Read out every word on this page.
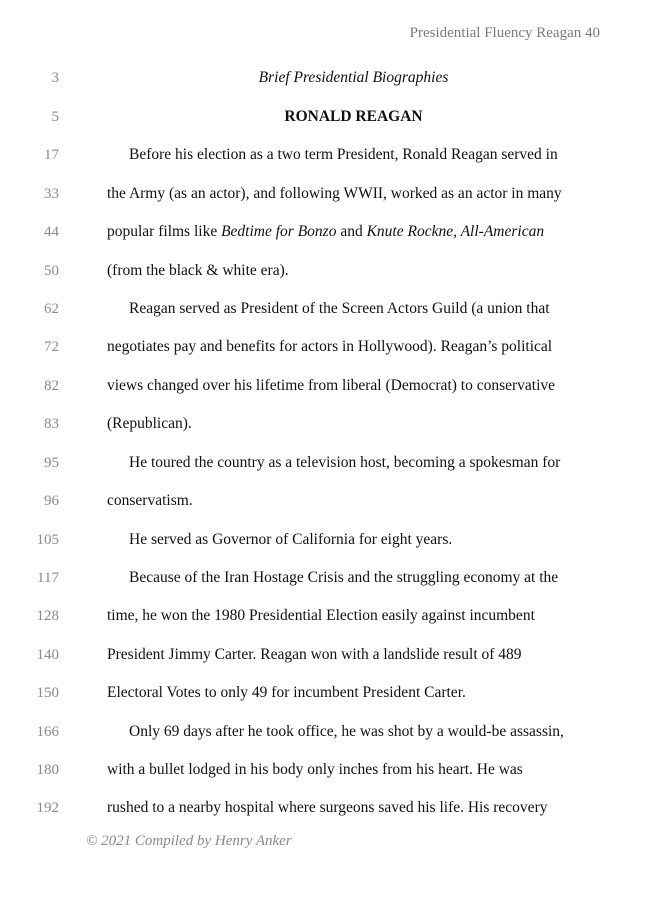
Presidential Fluency Reagan 40
3	Brief Presidential Biographies
5	RONALD REAGAN
17	Before his election as a two term President, Ronald Reagan served in
33	the Army (as an actor), and following WWII, worked as an actor in many
44	popular films like Bedtime for Bonzo and Knute Rockne, All-American
50	(from the black & white era).
62	Reagan served as President of the Screen Actors Guild (a union that
72	negotiates pay and benefits for actors in Hollywood). Reagan’s political
82	views changed over his lifetime from liberal (Democrat) to conservative
83	(Republican).
95	He toured the country as a television host, becoming a spokesman for
96	conservatism.
105	He served as Governor of California for eight years.
117	Because of the Iran Hostage Crisis and the struggling economy at the
128	time, he won the 1980 Presidential Election easily against incumbent
140	President Jimmy Carter. Reagan won with a landslide result of 489
150	Electoral Votes to only 49 for incumbent President Carter.
166	Only 69 days after he took office, he was shot by a would-be assassin,
180	with a bullet lodged in his body only inches from his heart. He was
192	rushed to a nearby hospital where surgeons saved his life. His recovery
© 2021 Compiled by Henry Anker
